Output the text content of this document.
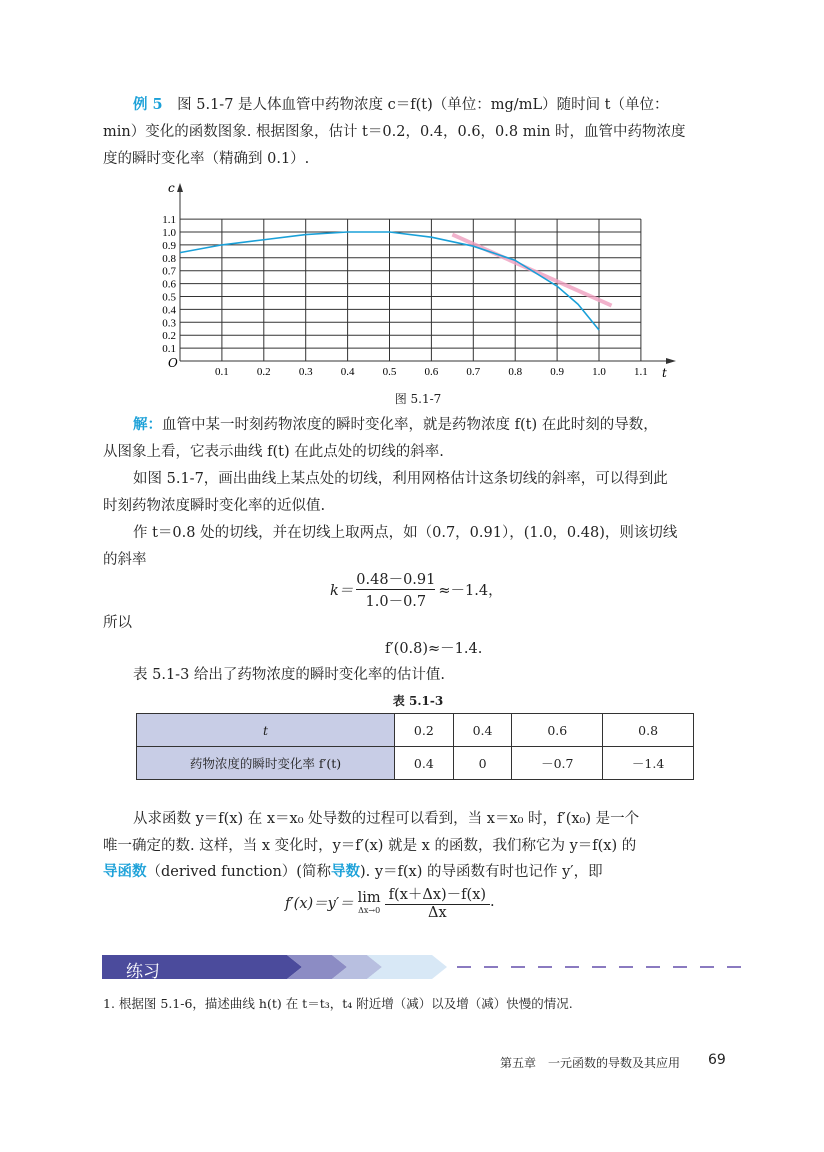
例 5　 图 5.1-7 是人体血管中药物浓度 c＝f(t)（单位：mg/mL）随时间 t（单位：
min）变化的函数图象. 根据图象，估计 t＝0.2，0.4，0.6，0.8 min 时，血管中药物浓度
度的瞬时变化率（精确到 0.1）.
0.1
0.1
0.2
0.2
0.3
0.3
0.4
0.4
0.5
0.5
0.6
0.6
0.7
0.7
0.8
0.8
0.9
0.9
1.0
1.0
1.1
1.1
t
c
O
图 5.1-7
解：血管中某一时刻药物浓度的瞬时变化率，就是药物浓度 f(t) 在此时刻的导数，
从图象上看，它表示曲线 f(t) 在此点处的切线的斜率.
如图 5.1-7，画出曲线上某点处的切线，利用网格估计这条切线的斜率，可以得到此
时刻药物浓度瞬时变化率的近似值.
作 t＝0.8 处的切线，并在切线上取两点，如（0.7，0.91），(1.0，0.48)，则该切线
的斜率
$k= \frac{0.48-0.91}{1.0-0.7} \approx-1.4$，
所以
f′(0.8)≈－1.4.
表 5.1-3 给出了药物浓度的瞬时变化率的估计值.
表 5.1-3
t	0.2	0.4	0.6	0.8
药物浓度的瞬时变化率 f′(t)	0.4	0	－0.7	－1.4
从求函数 y＝f(x) 在 x＝x₀ 处导数的过程可以看到，当 x＝x₀ 时，f′(x₀) 是一个
唯一确定的数. 这样，当 x 变化时，y＝f′(x) 就是 x 的函数，我们称它为 y＝f(x) 的
导函数（derived function）(简称导数). y＝f(x) 的导函数有时也记作 y′，即
f′(x)＝y′＝ lim
$\Delta x\to 0 \frac{f(x+\Delta x)-f(x)}{\Delta x}$ .
练习
1. 根据图 5.1-6，描述曲线 h(t) 在 t＝t₃，t₄ 附近增（减）以及增（减）快慢的情况.
第五章　一元函数的导数及其应用 69
